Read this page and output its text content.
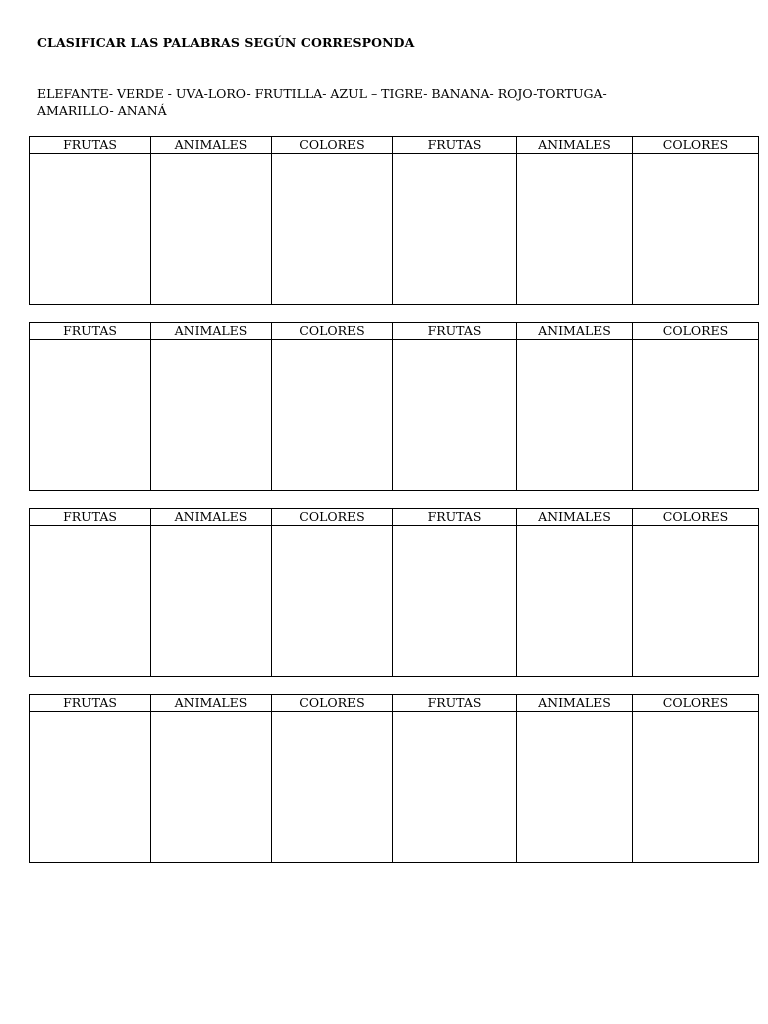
CLASIFICAR LAS PALABRAS SEGÚN CORRESPONDA
ELEFANTE- VERDE - UVA-LORO- FRUTILLA- AZUL – TIGRE- BANANA- ROJO-TORTUGA-
AMARILLO- ANANÁ
FRUTAS	ANIMALES	COLORES	FRUTAS	ANIMALES	COLORES

FRUTAS	ANIMALES	COLORES	FRUTAS	ANIMALES	COLORES

FRUTAS	ANIMALES	COLORES	FRUTAS	ANIMALES	COLORES

FRUTAS	ANIMALES	COLORES	FRUTAS	ANIMALES	COLORES
